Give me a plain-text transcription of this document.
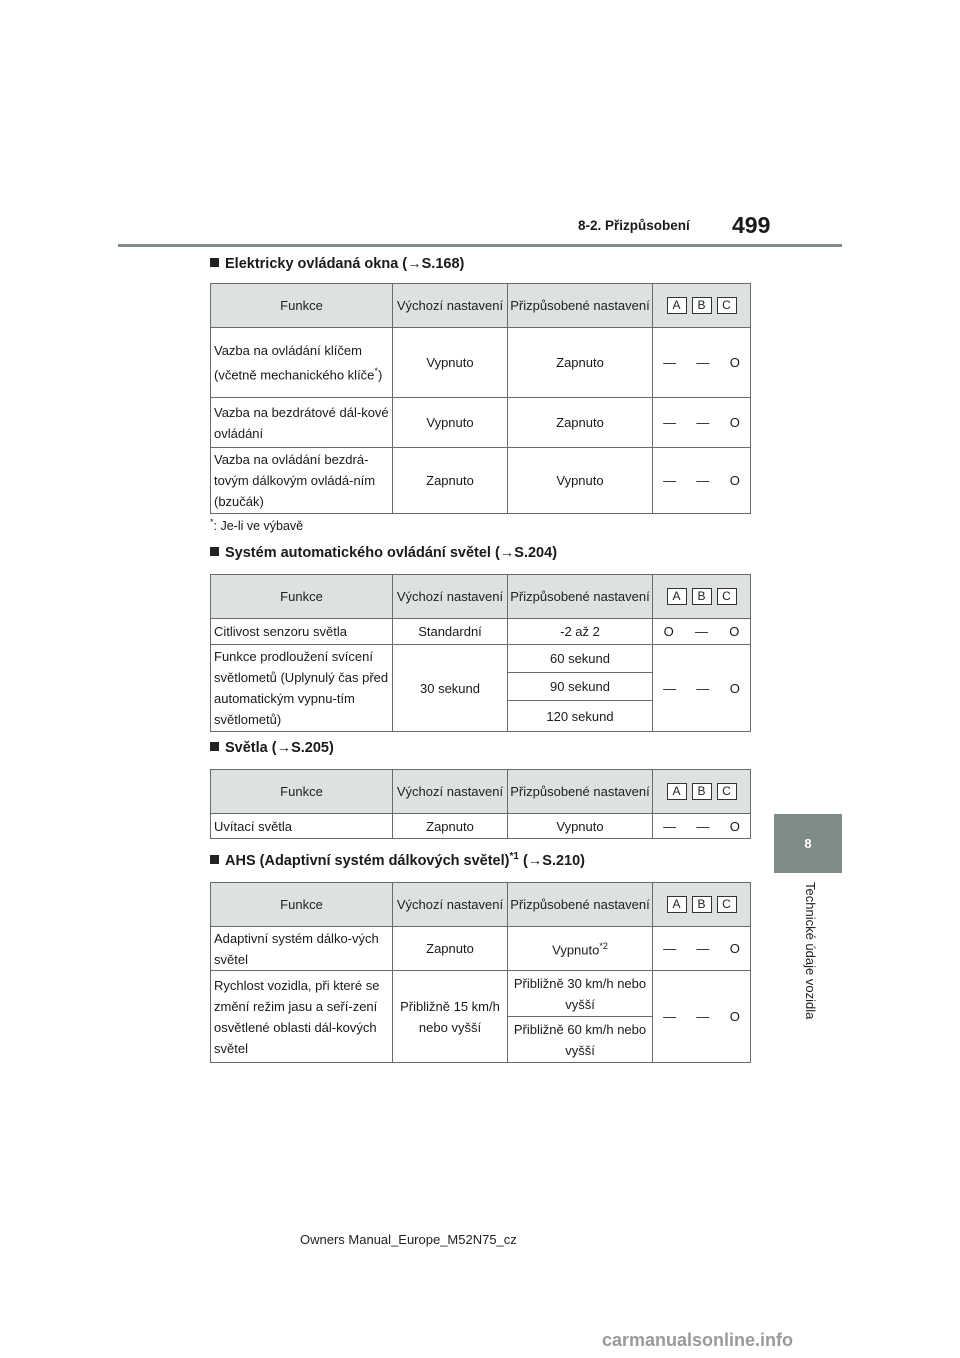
8-2. Přizpůsobení 499
8
Technické údaje vozidla
Elektricky ovládaná okna (→S.168)
Funkce	Výchozí nastavení	Přizpůsobené nastavení	A B C

Vazba na ovládání klíčem (včetně mechanického klíče*)	Vypnuto	Zapnuto	— — O

Vazba na bezdrátové dál-kové ovládání	Vypnuto	Zapnuto	— — O

Vazba na ovládání bezdrá-tovým dálkovým ovládá-ním (bzučák)	Zapnuto	Vypnuto	— — O
*: Je-li ve výbavě
Systém automatického ovládání světel (→S.204)
Funkce	Výchozí nastavení	Přizpůsobené nastavení	A B C

Citlivost senzoru světla	Standardní	-2 až 2	O — O

Funkce prodloužení svícení světlometů (Uplynulý čas před automatickým vypnu-tím světlometů)	30 sekund	60 sekund	— — O

		90 sekund	
		120 sekund	
Světla (→S.205)
Funkce	Výchozí nastavení	Přizpůsobené nastavení	A B C

Uvítací světla	Zapnuto	Vypnuto	— — O
AHS (Adaptivní systém dálkových světel)$^{*1}$ (→S.210)
Funkce	Výchozí nastavení	Přizpůsobené nastavení	A B C

Adaptivní systém dálko-vých světel	Zapnuto	Vypnuto$^{*2}$	— — O

Rychlost vozidla, při které se změní režim jasu a seří-zení osvětlené oblasti dál-kových světel	Přibližně 15 km/h nebo vyšší	Přibližně 30 km/h nebo vyšší	— — O

		Přibližně 60 km/h nebo vyšší	
Owners Manual_Europe_M52N75_cz
carmanualsonline.info
